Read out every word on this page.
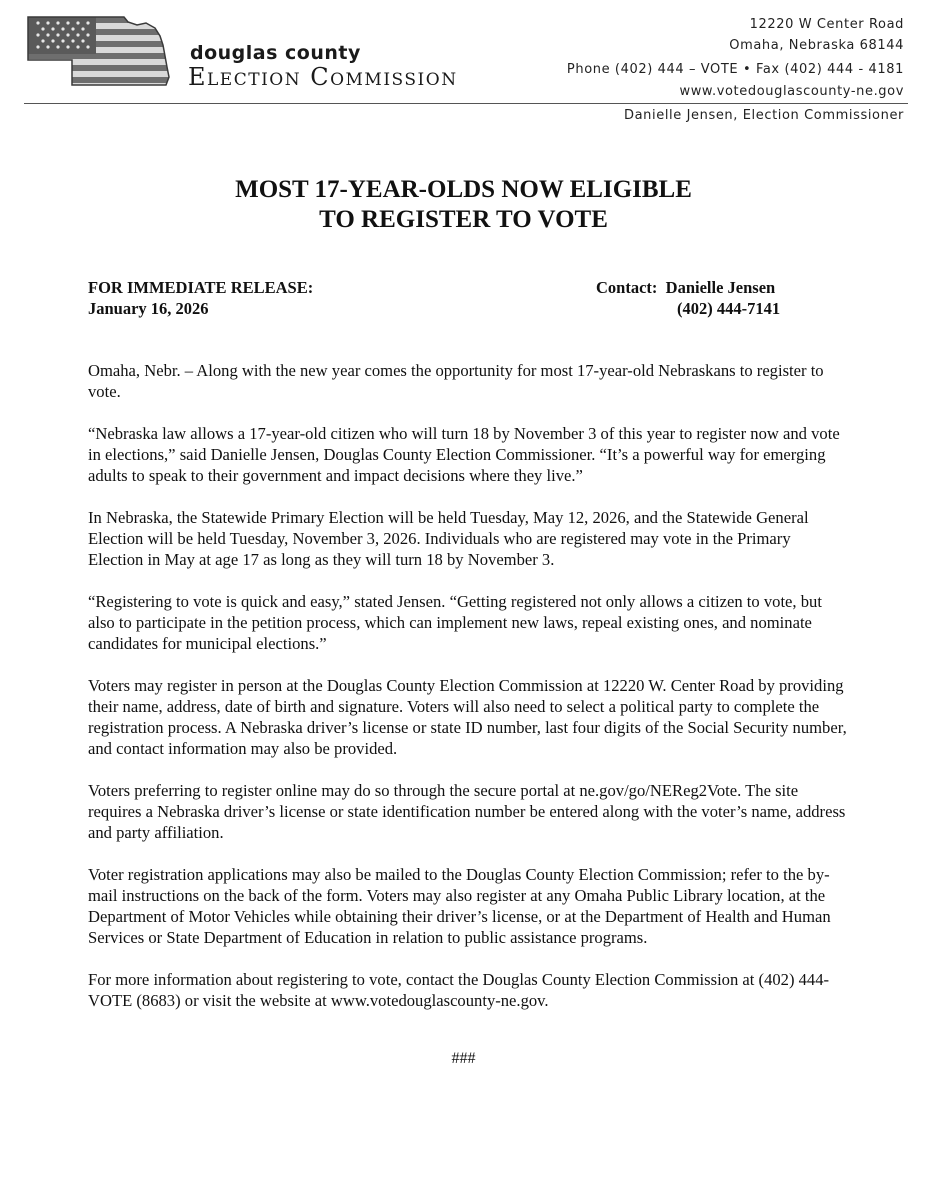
douglas county
Election Commission
12220 W Center Road
Omaha, Nebraska 68144
Phone (402) 444 – VOTE • Fax (402) 444 - 4181
www.votedouglascounty-ne.gov
Danielle Jensen, Election Commissioner
MOST 17-YEAR-OLDS NOW ELIGIBLE
TO REGISTER TO VOTE
FOR IMMEDIATE RELEASE:
January 16, 2026
Contact:  Danielle Jensen
(402) 444-7141

Omaha, Nebr. – Along with the new year comes the opportunity for most 17-year-old Nebraskans to register to vote.

“Nebraska law allows a 17-year-old citizen who will turn 18 by November 3 of this year to register now and vote in elections,” said Danielle Jensen, Douglas County Election Commissioner. “It’s a powerful way for emerging adults to speak to their government and impact decisions where they live.”

In Nebraska, the Statewide Primary Election will be held Tuesday, May 12, 2026, and the Statewide General Election will be held Tuesday, November 3, 2026. Individuals who are registered may vote in the Primary Election in May at age 17 as long as they will turn 18 by November 3.

“Registering to vote is quick and easy,” stated Jensen. “Getting registered not only allows a citizen to vote, but also to participate in the petition process, which can implement new laws, repeal existing ones, and nominate candidates for municipal elections.”

Voters may register in person at the Douglas County Election Commission at 12220 W. Center Road by providing their name, address, date of birth and signature. Voters will also need to select a political party to complete the registration process. A Nebraska driver’s license or state ID number, last four digits of the Social Security number, and contact information may also be provided.

Voters preferring to register online may do so through the secure portal at ne.gov/go/NEReg2Vote. The site requires a Nebraska driver’s license or state identification number be entered along with the voter’s name, address and party affiliation.

Voter registration applications may also be mailed to the Douglas County Election Commission; refer to the by-mail instructions on the back of the form. Voters may also register at any Omaha Public Library location, at the Department of Motor Vehicles while obtaining their driver’s license, or at the Department of Health and Human Services or State Department of Education in relation to public assistance programs.

For more information about registering to vote, contact the Douglas County Election Commission at (402) 444-VOTE (8683) or visit the website at www.votedouglascounty-ne.gov.

###
